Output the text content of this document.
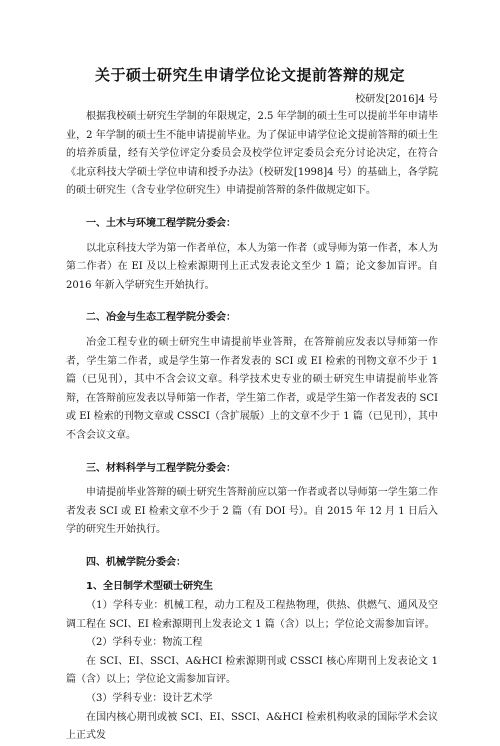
关于硕士研究生申请学位论文提前答辩的规定
校研发[2016]4 号

根据我校硕士研究生学制的年限规定，2.5 年学制的硕士生可以提前半年申请毕业，2 年学制的硕士生不能申请提前毕业。为了保证申请学位论文提前答辩的硕士生的培养质量，经有关学位评定分委员会及校学位评定委员会充分讨论决定，在符合《北京科技大学硕士学位申请和授予办法》（校研发[1998]4 号）的基础上，各学院的硕士研究生（含专业学位研究生）申请提前答辩的条件做规定如下。

一、土木与环境工程学院分委会：

以北京科技大学为第一作者单位，本人为第一作者（或导师为第一作者，本人为第二作者）在 EI 及以上检索源期刊上正式发表论文至少 1 篇；论文参加盲评。自 2016 年新入学研究生开始执行。

二、冶金与生态工程学院分委会：

冶金工程专业的硕士研究生申请提前毕业答辩，在答辩前应发表以导师第一作者，学生第二作者，或是学生第一作者发表的 SCI 或 EI 检索的刊物文章不少于 1 篇（已见刊），其中不含会议文章。科学技术史专业的硕士研究生申请提前毕业答辩，在答辩前应发表以导师第一作者，学生第二作者，或是学生第一作者发表的 SCI 或 EI 检索的刊物文章或 CSSCI（含扩展版）上的文章不少于 1 篇（已见刊），其中不含会议文章。

三、材料科学与工程学院分委会：

申请提前毕业答辩的硕士研究生答辩前应以第一作者或者以导师第一学生第二作者发表 SCI 或 EI 检索文章不少于 2 篇（有 DOI 号）。自 2015 年 12 月 1 日后入学的研究生开始执行。

四、机械学院分委会：
1、全日制学术型硕士研究生

（1）学科专业：机械工程，动力工程及工程热物理，供热、供燃气、通风及空调工程在 SCI、EI 检索源期刊上发表论文 1 篇（含）以上；学位论文需参加盲评。

（2）学科专业：物流工程

在 SCI、EI、SSCI、A&HCI 检索源期刊或 CSSCI 核心库期刊上发表论文 1 篇（含）以上；学位论文需参加盲评。

（3）学科专业：设计艺术学

在国内核心期刊或被 SCI、EI、SSCI、A&HCI 检索机构收录的国际学术会议上正式发
